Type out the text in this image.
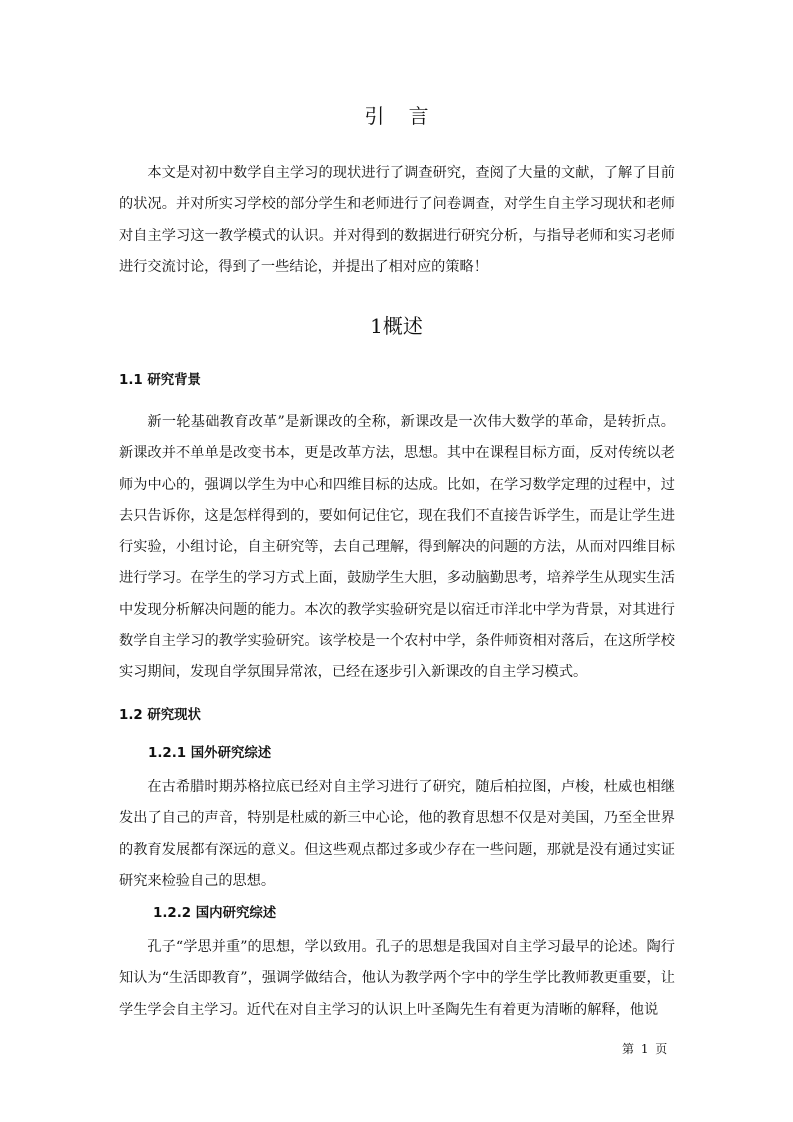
引 言

本文是对初中数学自主学习的现状进行了调查研究，查阅了大量的文献，了解了目前的状况。并对所实习学校的部分学生和老师进行了问卷调查，对学生自主学习现状和老师对自主学习这一教学模式的认识。并对得到的数据进行研究分析，与指导老师和实习老师进行交流讨论，得到了一些结论，并提出了相对应的策略！

1概述
1.1 研究背景

新一轮基础教育改革”是新课改的全称，新课改是一次伟大数学的革命，是转折点。新课改并不单单是改变书本，更是改革方法，思想。其中在课程目标方面，反对传统以老师为中心的，强调以学生为中心和四维目标的达成。比如，在学习数学定理的过程中，过去只告诉你，这是怎样得到的，要如何记住它，现在我们不直接告诉学生，而是让学生进行实验，小组讨论，自主研究等，去自己理解，得到解决的问题的方法，从而对四维目标进行学习。在学生的学习方式上面，鼓励学生大胆，多动脑勤思考，培养学生从现实生活中发现分析解决问题的能力。本次的教学实验研究是以宿迁市洋北中学为背景，对其进行数学自主学习的教学实验研究。该学校是一个农村中学，条件师资相对落后，在这所学校实习期间，发现自学氛围异常浓，已经在逐步引入新课改的自主学习模式。

1.2 研究现状
1.2.1 国外研究综述

在古希腊时期苏格拉底已经对自主学习进行了研究，随后柏拉图，卢梭，杜威也相继发出了自己的声音，特别是杜威的新三中心论，他的教育思想不仅是对美国，乃至全世界的教育发展都有深远的意义。但这些观点都过多或少存在一些问题，那就是没有通过实证研究来检验自己的思想。

1.2.2 国内研究综述

孔子“学思并重”的思想，学以致用。孔子的思想是我国对自主学习最早的论述。陶行知认为“生活即教育”，强调学做结合，他认为教学两个字中的学生学比教师教更重要，让学生学会自主学习。近代在对自主学习的认识上叶圣陶先生有着更为清晰的解释，他说

第 1 页
